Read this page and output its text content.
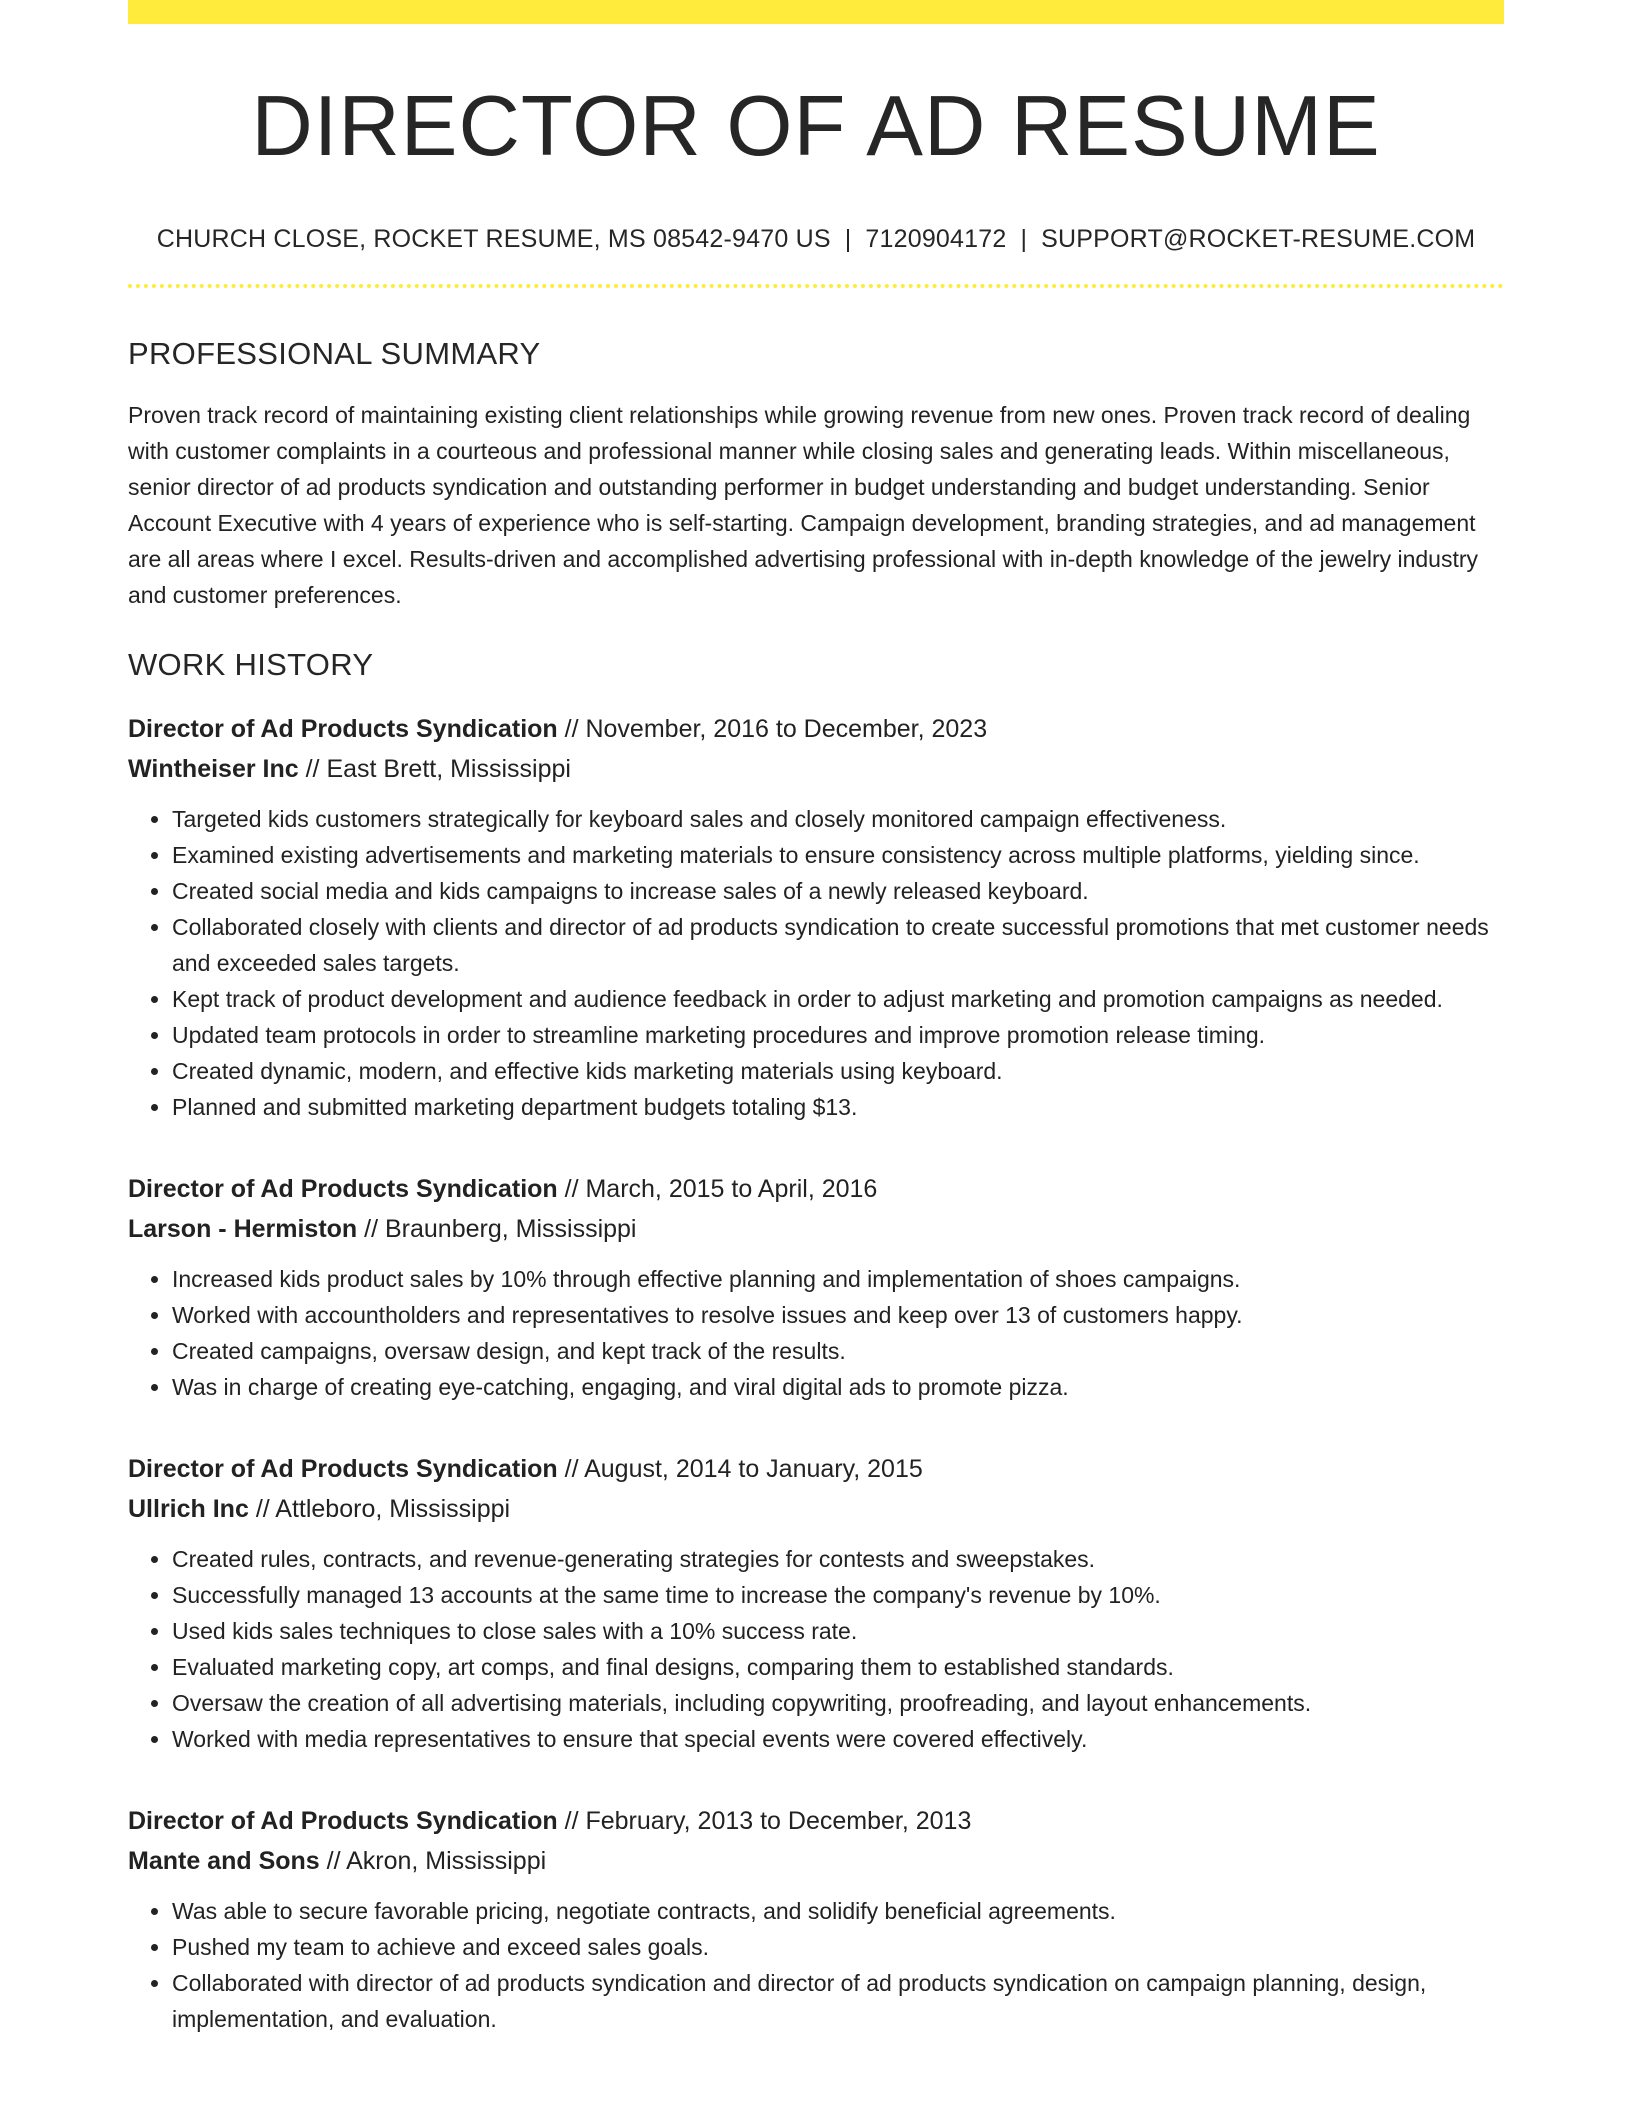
DIRECTOR OF AD RESUME
CHURCH CLOSE, ROCKET RESUME, MS 08542-9470 US | 7120904172 | SUPPORT@ROCKET-RESUME.COM
PROFESSIONAL SUMMARY

Proven track record of maintaining existing client relationships while growing revenue from new ones. Proven track record of dealing with customer complaints in a courteous and professional manner while closing sales and generating leads. Within miscellaneous, senior director of ad products syndication and outstanding performer in budget understanding and budget understanding. Senior Account Executive with 4 years of experience who is self-starting. Campaign development, branding strategies, and ad management are all areas where I excel. Results-driven and accomplished advertising professional with in-depth knowledge of the jewelry industry and customer preferences.

WORK HISTORY
Director of Ad Products Syndication // November, 2016 to December, 2023
Wintheiser Inc // East Brett, Mississippi
• Targeted kids customers strategically for keyboard sales and closely monitored campaign effectiveness.
• Examined existing advertisements and marketing materials to ensure consistency across multiple platforms, yielding since.
• Created social media and kids campaigns to increase sales of a newly released keyboard.
• Collaborated closely with clients and director of ad products syndication to create successful promotions that met customer needs and exceeded sales targets.
• Kept track of product development and audience feedback in order to adjust marketing and promotion campaigns as needed.
• Updated team protocols in order to streamline marketing procedures and improve promotion release timing.
• Created dynamic, modern, and effective kids marketing materials using keyboard.
• Planned and submitted marketing department budgets totaling $13.
Director of Ad Products Syndication // March, 2015 to April, 2016
Larson - Hermiston // Braunberg, Mississippi
• Increased kids product sales by 10% through effective planning and implementation of shoes campaigns.
• Worked with accountholders and representatives to resolve issues and keep over 13 of customers happy.
• Created campaigns, oversaw design, and kept track of the results.
• Was in charge of creating eye-catching, engaging, and viral digital ads to promote pizza.
Director of Ad Products Syndication // August, 2014 to January, 2015
Ullrich Inc // Attleboro, Mississippi
• Created rules, contracts, and revenue-generating strategies for contests and sweepstakes.
• Successfully managed 13 accounts at the same time to increase the company's revenue by 10%.
• Used kids sales techniques to close sales with a 10% success rate.
• Evaluated marketing copy, art comps, and final designs, comparing them to established standards.
• Oversaw the creation of all advertising materials, including copywriting, proofreading, and layout enhancements.
• Worked with media representatives to ensure that special events were covered effectively.
Director of Ad Products Syndication // February, 2013 to December, 2013
Mante and Sons // Akron, Mississippi
• Was able to secure favorable pricing, negotiate contracts, and solidify beneficial agreements.
• Pushed my team to achieve and exceed sales goals.
• Collaborated with director of ad products syndication and director of ad products syndication on campaign planning, design, implementation, and evaluation.
